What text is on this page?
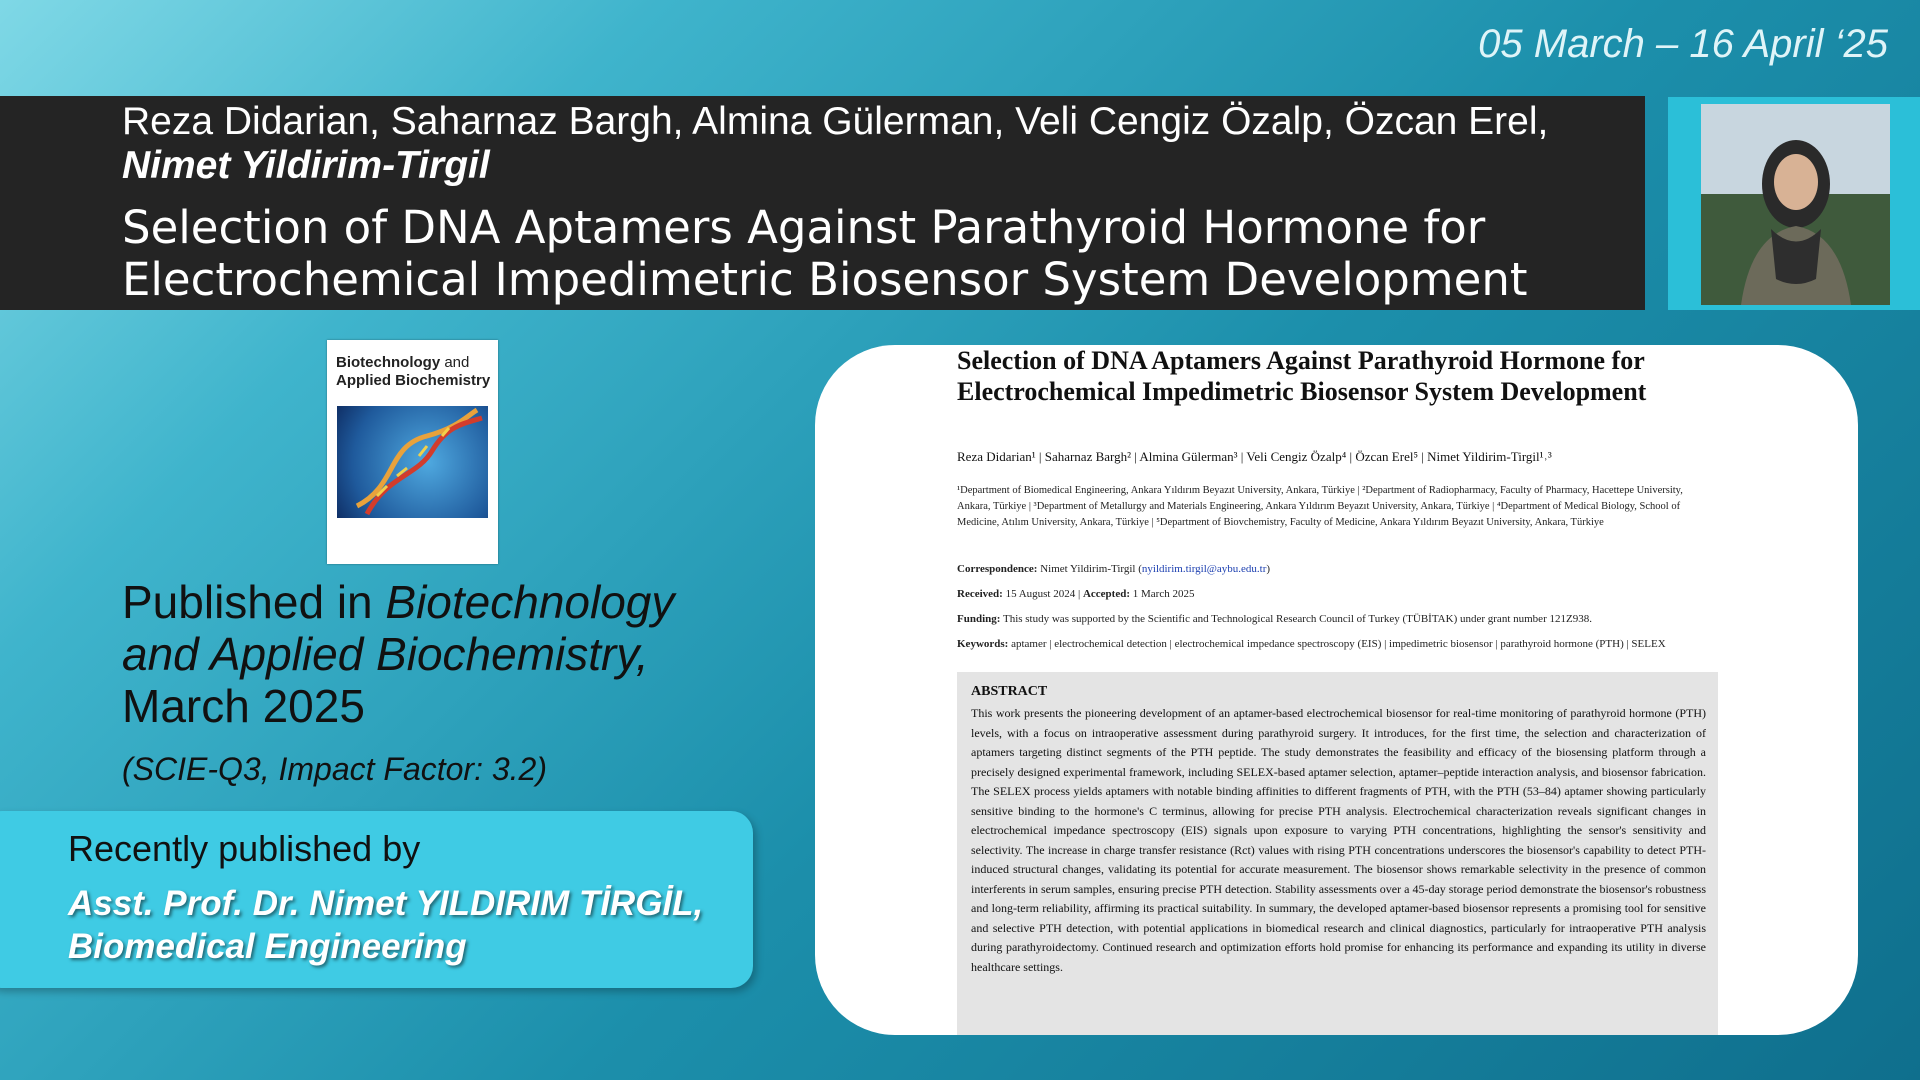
05 March – 16 April ‘25
Reza Didarian, Saharnaz Bargh, Almina Gülerman, Veli Cengiz Özalp, Özcan Erel,
Nimet Yildirim-Tirgil
Selection of DNA Aptamers Against Parathyroid Hormone for Electrochemical Impedimetric Biosensor System Development
Biotechnology and
Applied Biochemistry
Published in Biotechnology and Applied Biochemistry,
March 2025
(SCIE-Q3, Impact Factor: 3.2)
Recently published by
Asst. Prof. Dr. Nimet YILDIRIM TİRGİL,
Biomedical Engineering
Selection of DNA Aptamers Against Parathyroid Hormone for Electrochemical Impedimetric Biosensor System Development
Reza Didarian¹ | Saharnaz Bargh² | Almina Gülerman³ | Veli Cengiz Özalp⁴ | Özcan Erel⁵ | Nimet Yildirim-Tirgil¹˒³
¹Department of Biomedical Engineering, Ankara Yıldırım Beyazıt University, Ankara, Türkiye | ²Department of Radiopharmacy, Faculty of Pharmacy, Hacettepe University, Ankara, Türkiye | ³Department of Metallurgy and Materials Engineering, Ankara Yıldırım Beyazıt University, Ankara, Türkiye | ⁴Department of Medical Biology, School of Medicine, Atılım University, Ankara, Türkiye | ⁵Department of Biovchemistry, Faculty of Medicine, Ankara Yıldırım Beyazıt University, Ankara, Türkiye
Correspondence: Nimet Yildirim-Tirgil (nyildirim.tirgil@aybu.edu.tr)
Received: 15 August 2024 | Accepted: 1 March 2025
Funding: This study was supported by the Scientific and Technological Research Council of Turkey (TÜBİTAK) under grant number 121Z938.
Keywords: aptamer | electrochemical detection | electrochemical impedance spectroscopy (EIS) | impedimetric biosensor | parathyroid hormone (PTH) | SELEX
ABSTRACT
This work presents the pioneering development of an aptamer-based electrochemical biosensor for real-time monitoring of parathyroid hormone (PTH) levels, with a focus on intraoperative assessment during parathyroid surgery. It introduces, for the first time, the selection and characterization of aptamers targeting distinct segments of the PTH peptide. The study demonstrates the feasibility and efficacy of the biosensing platform through a precisely designed experimental framework, including SELEX-based aptamer selection, aptamer–peptide interaction analysis, and biosensor fabrication. The SELEX process yields aptamers with notable binding affinities to different fragments of PTH, with the PTH (53–84) aptamer showing particularly sensitive binding to the hormone's C terminus, allowing for precise PTH analysis. Electrochemical characterization reveals significant changes in electrochemical impedance spectroscopy (EIS) signals upon exposure to varying PTH concentrations, highlighting the sensor's sensitivity and selectivity. The increase in charge transfer resistance (Rct) values with rising PTH concentrations underscores the biosensor's capability to detect PTH-induced structural changes, validating its potential for accurate measurement. The biosensor shows remarkable selectivity in the presence of common interferents in serum samples, ensuring precise PTH detection. Stability assessments over a 45-day storage period demonstrate the biosensor's robustness and long-term reliability, affirming its practical suitability. In summary, the developed aptamer-based biosensor represents a promising tool for sensitive and selective PTH detection, with potential applications in biomedical research and clinical diagnostics, particularly for intraoperative PTH analysis during parathyroidectomy. Continued research and optimization efforts hold promise for enhancing its performance and expanding its utility in diverse healthcare settings.
